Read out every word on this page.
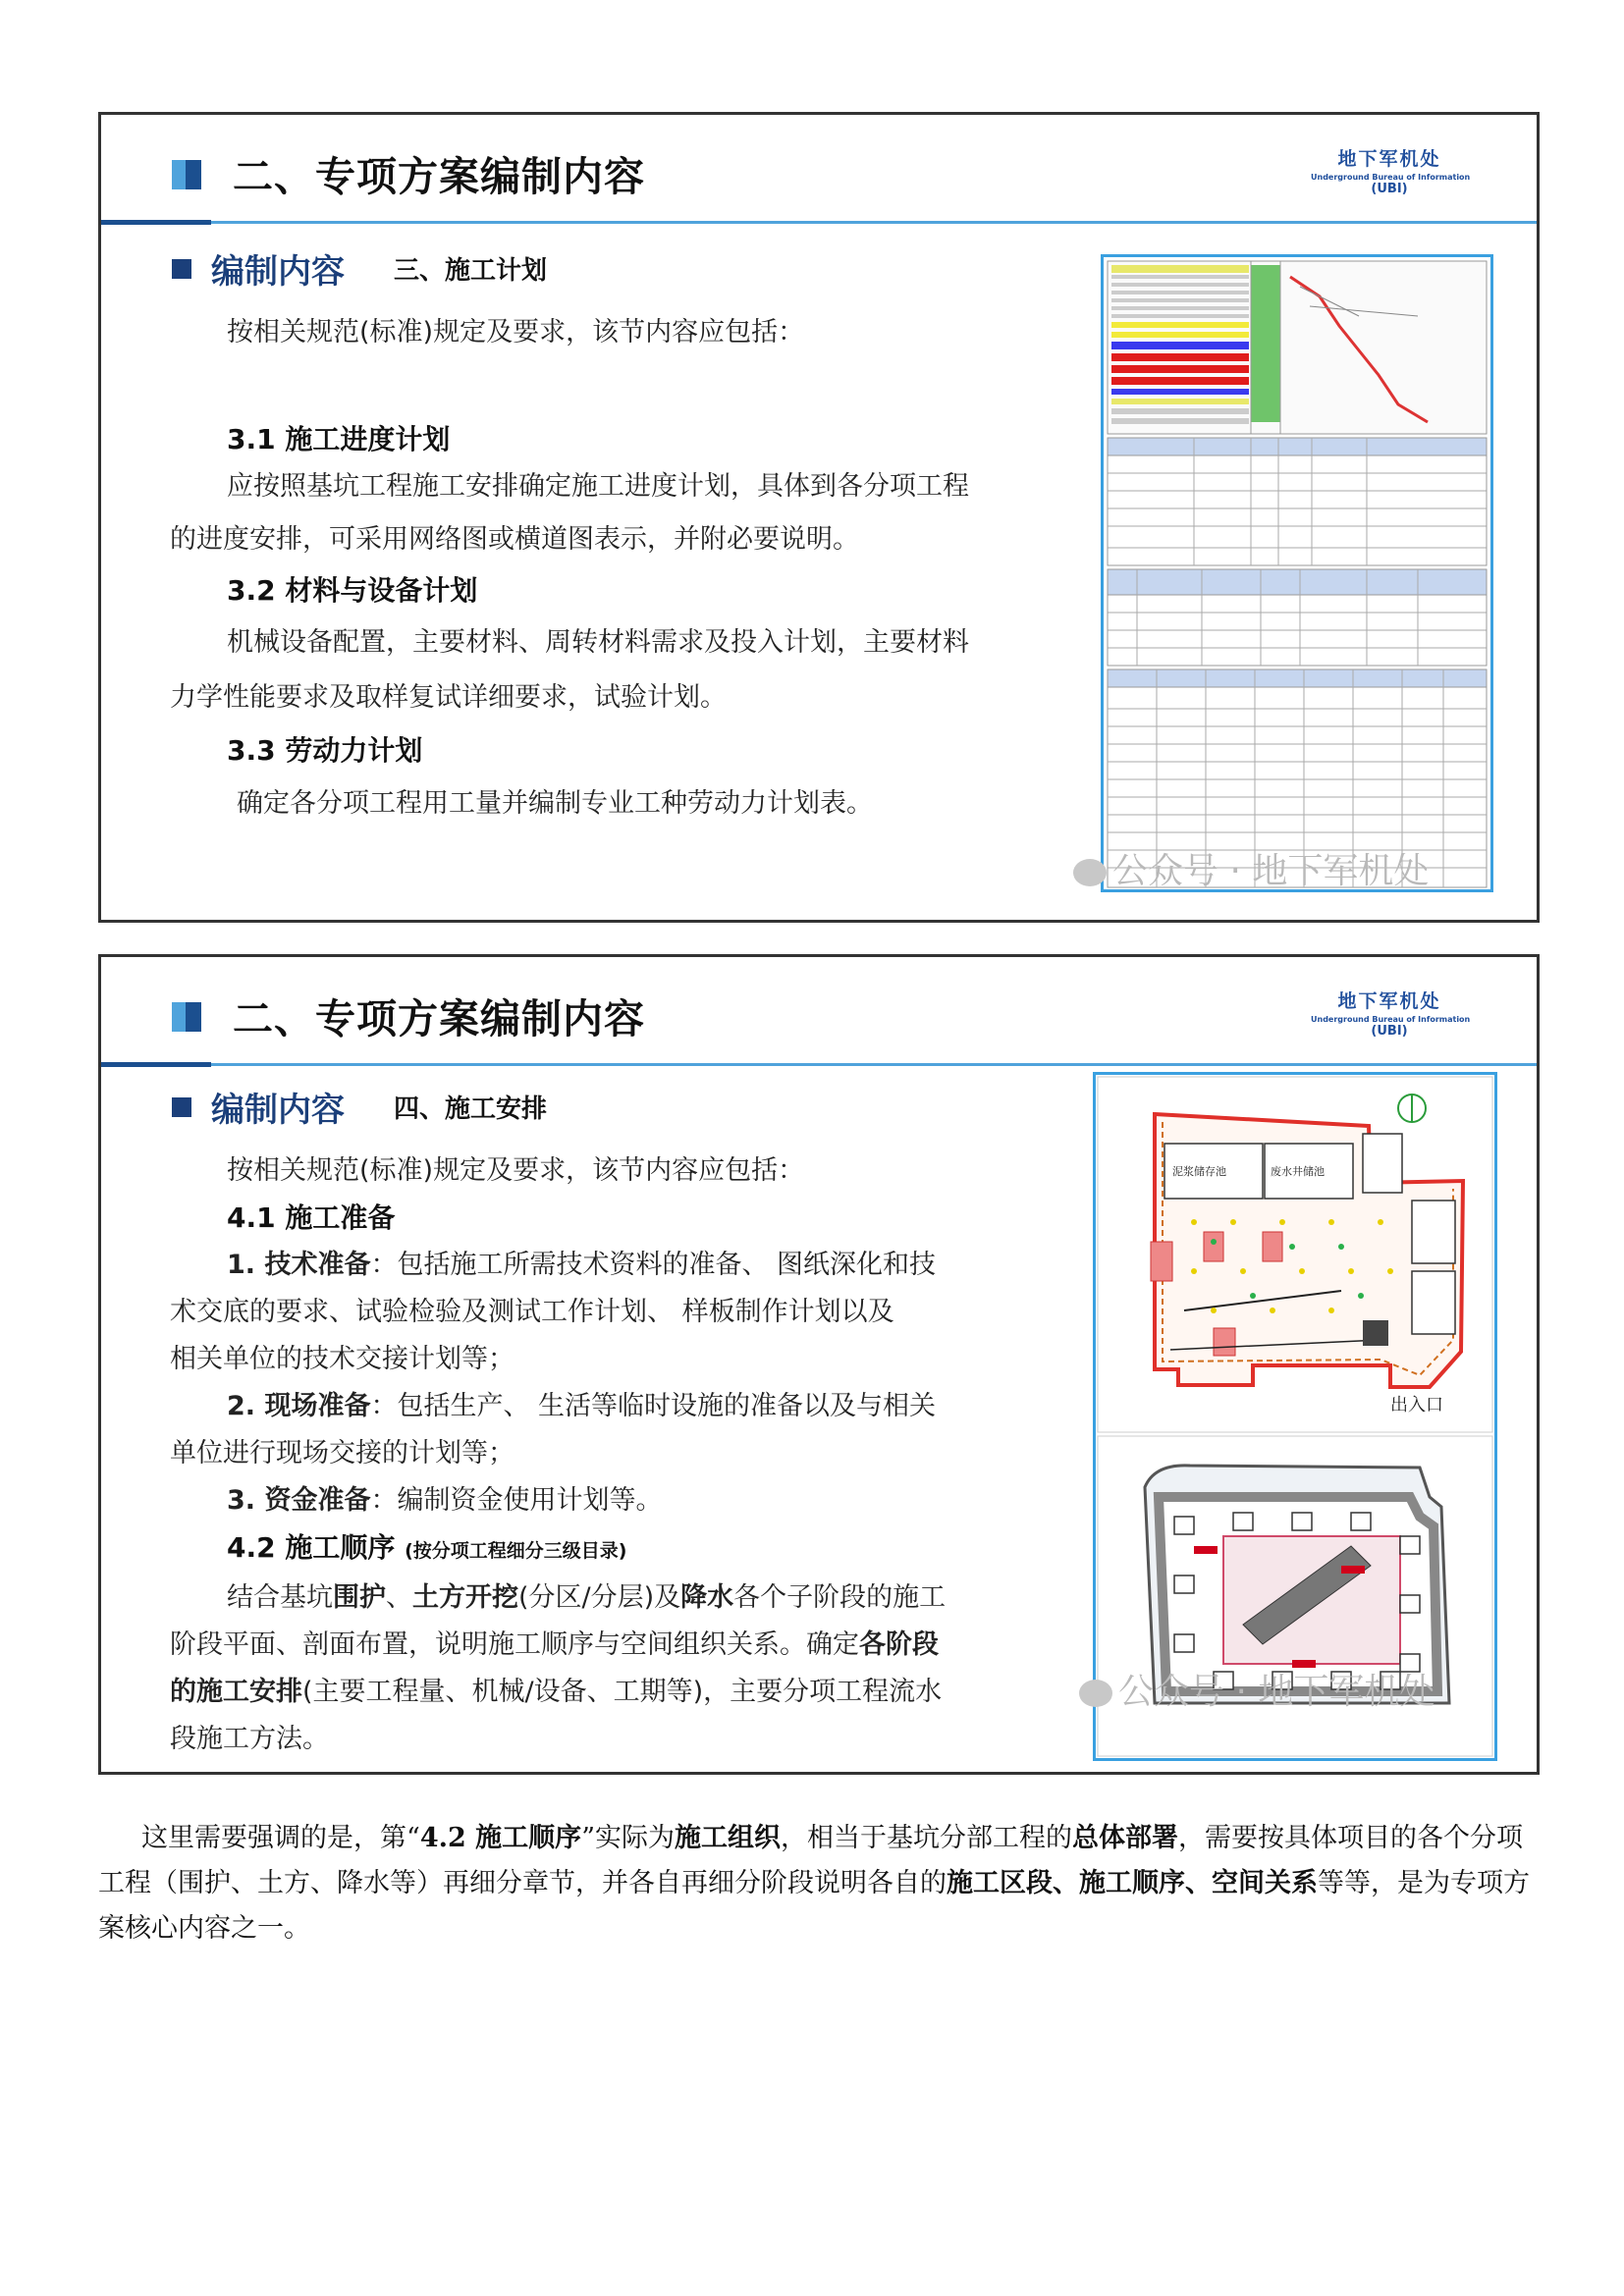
二、专项方案编制内容	地下军机处
Underground Bureau of Information
(UBI)
编制内容 三、施工计划

按相关规范(标准)规定及要求，该节内容应包括：

3.1 施工进度计划

应按照基坑工程施工安排确定施工进度计划，具体到各分项工程

的进度安排，可采用网络图或横道图表示，并附必要说明。

3.2 材料与设备计划

机械设备配置，主要材料、周转材料需求及投入计划，主要材料

力学性能要求及取样复试详细要求，试验计划。

3.3 劳动力计划

确定各分项工程用工量并编制专业工种劳动力计划表。

公众号 · 地下军机处
二、专项方案编制内容	地下军机处
Underground Bureau of Information
(UBI)
编制内容 四、施工安排

按相关规范(标准)规定及要求，该节内容应包括：

4.1 施工准备

1. 技术准备：包括施工所需技术资料的准备、 图纸深化和技

术交底的要求、试验检验及测试工作计划、 样板制作计划以及

相关单位的技术交接计划等；

2. 现场准备：包括生产、 生活等临时设施的准备以及与相关

单位进行现场交接的计划等；

3. 资金准备：编制资金使用计划等。

4.2 施工顺序 (按分项工程细分三级目录)

结合基坑围护、土方开挖(分区/分层)及降水各个子阶段的施工

阶段平面、剖面布置，说明施工顺序与空间组织关系。确定各阶段

的施工安排(主要工程量、机械/设备、工期等)，主要分项工程流水

段施工方法。

泥浆储存池	废水井储池
出入口
公众号 · 地下军机处
这里需要强调的是，第“4.2 施工顺序”实际为施工组织，相当于基坑分部工程的总体部署，需要按具体项目的各个分项工程（围护、土方、降水等）再细分章节，并各自再细分阶段说明各自的施工区段、施工顺序、空间关系等等，是为专项方案核心内容之一。
